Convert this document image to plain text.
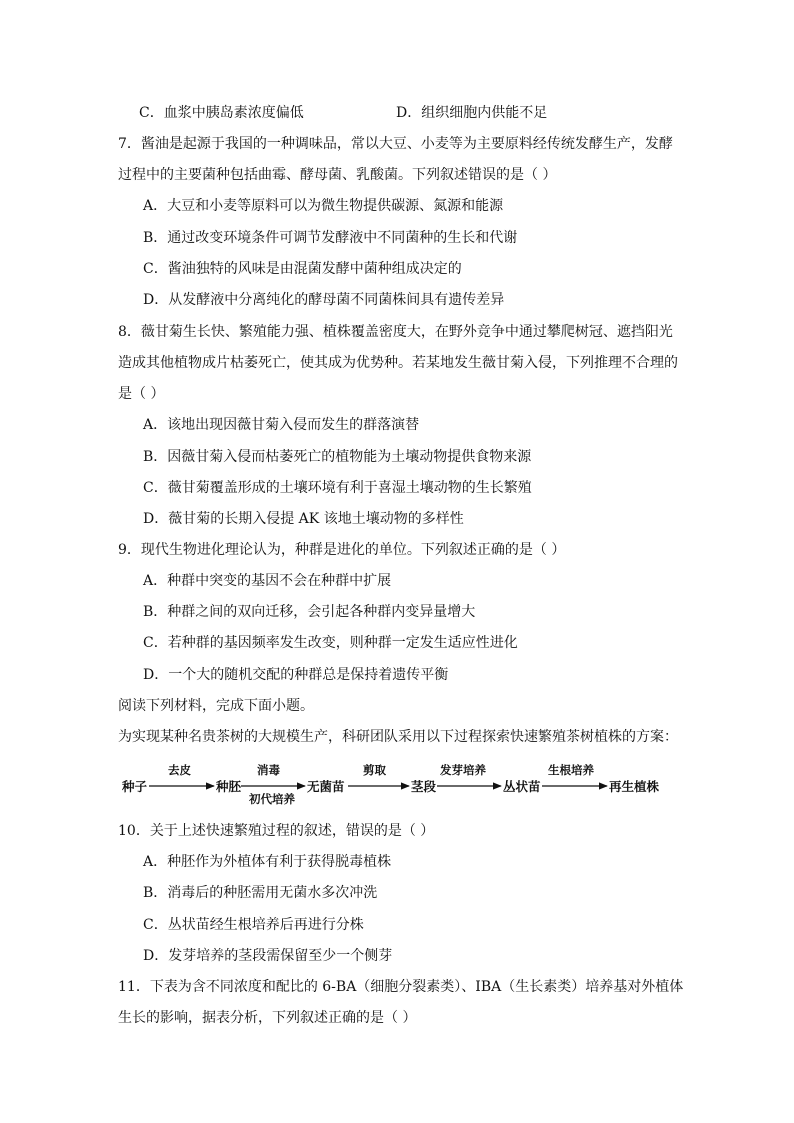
C．血浆中胰岛素浓度偏低	D．组织细胞内供能不足
7．酱油是起源于我国的一种调味品，常以大豆、小麦等为主要原料经传统发酵生产，发酵
过程中的主要菌种包括曲霉、酵母菌、乳酸菌。下列叙述错误的是（ ）
A．大豆和小麦等原料可以为微生物提供碳源、氮源和能源
B．通过改变环境条件可调节发酵液中不同菌种的生长和代谢
C．酱油独特的风味是由混菌发酵中菌种组成决定的
D．从发酵液中分离纯化的酵母菌不同菌株间具有遗传差异
8．薇甘菊生长快、繁殖能力强、植株覆盖密度大，在野外竞争中通过攀爬树冠、遮挡阳光
造成其他植物成片枯萎死亡，使其成为优势种。若某地发生薇甘菊入侵，下列推理不合理的
是（ ）
A．该地出现因薇甘菊入侵而发生的群落演替
B．因薇甘菊入侵而枯萎死亡的植物能为土壤动物提供食物来源
C．薇甘菊覆盖形成的土壤环境有利于喜湿土壤动物的生长繁殖
D．薇甘菊的长期入侵提 AK 该地土壤动物的多样性
9．现代生物进化理论认为，种群是进化的单位。下列叙述正确的是（ ）
A．种群中突变的基因不会在种群中扩展
B．种群之间的双向迁移，会引起各种群内变异量增大
C．若种群的基因频率发生改变，则种群一定发生适应性进化
D．一个大的随机交配的种群总是保持着遗传平衡
阅读下列材料，完成下面小题。
为实现某种名贵茶树的大规模生产，科研团队采用以下过程探索快速繁殖茶树植株的方案：
种子	种胚	无菌苗	茎段	丛状苗	再生植株
去皮	消毒
初代培养
剪取	发芽培养	生根培养
10．关于上述快速繁殖过程的叙述，错误的是（ ）
A．种胚作为外植体有利于获得脱毒植株
B．消毒后的种胚需用无菌水多次冲洗
C．丛状苗经生根培养后再进行分株
D．发芽培养的茎段需保留至少一个侧芽
11．下表为含不同浓度和配比的 6-BA（细胞分裂素类）、IBA（生长素类）培养基对外植体
生长的影响，据表分析，下列叙述正确的是（ ）
